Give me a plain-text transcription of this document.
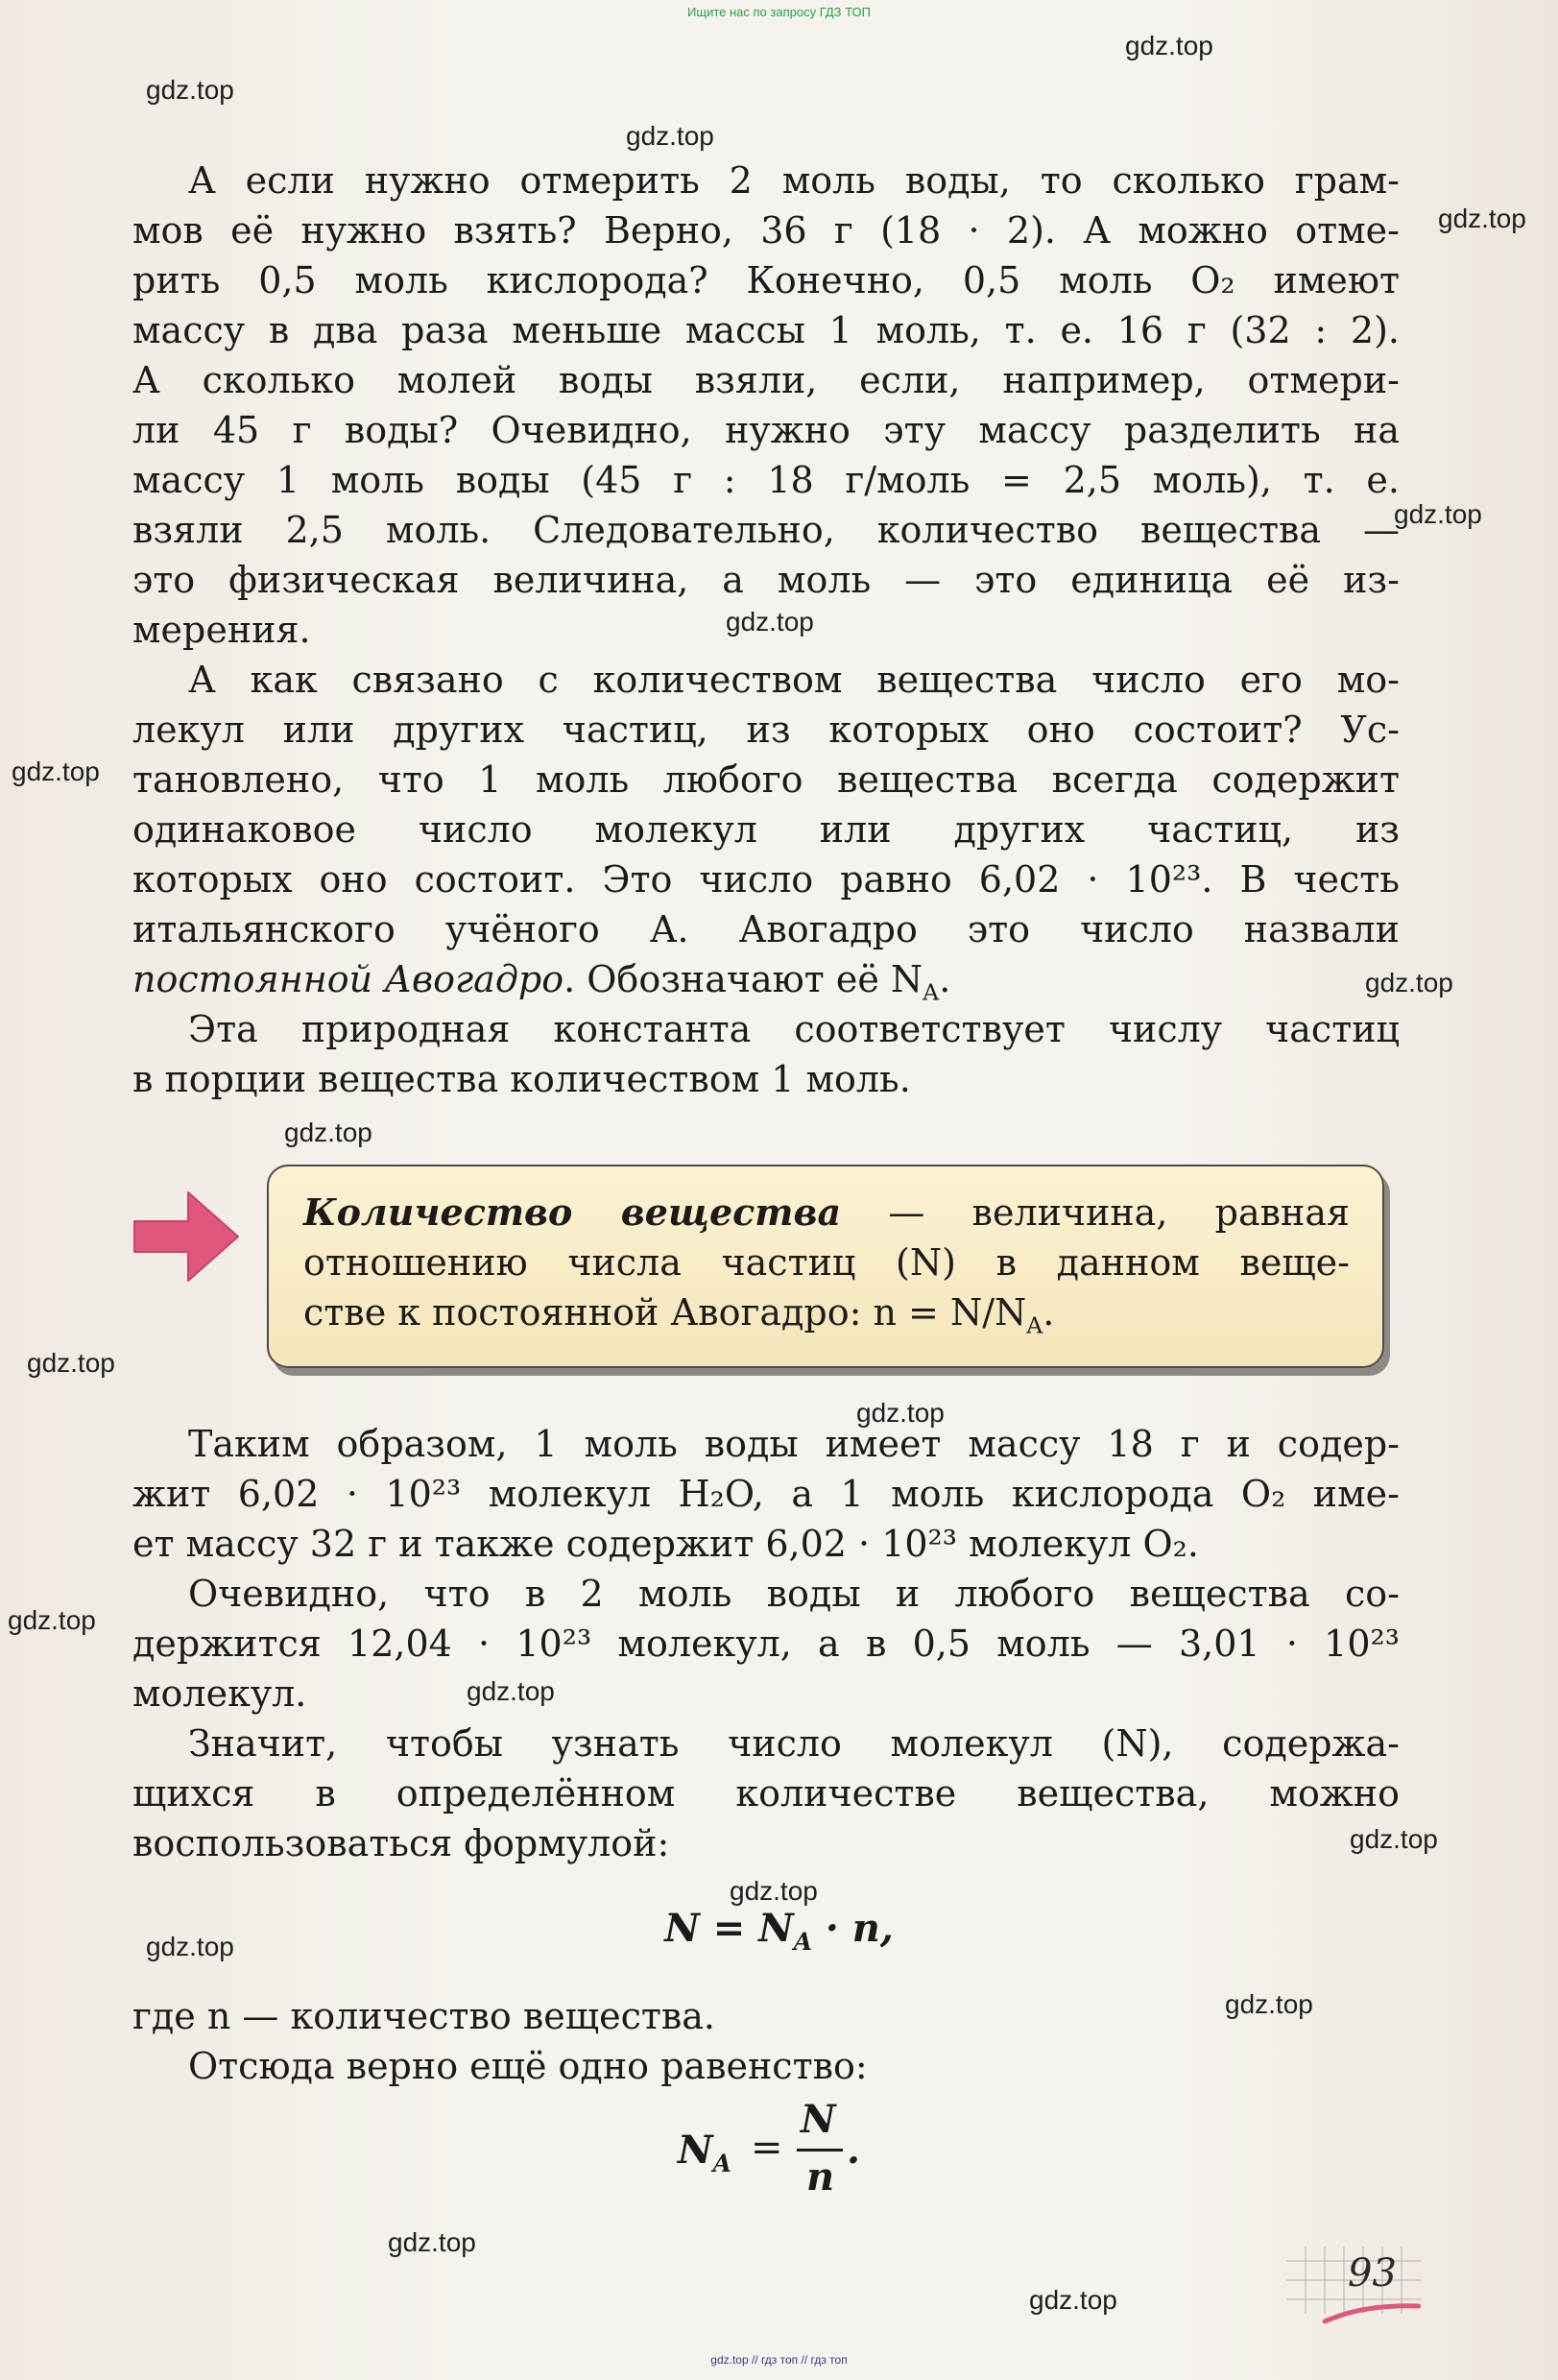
Ищите нас по запросу ГДЗ ТОП
А если нужно отмерить 2 моль воды, то сколько грам-
мов её нужно взять? Верно, 36 г (18 · 2). А можно отме-
рить 0,5 моль кислорода? Конечно, 0,5 моль O₂ имеют
массу в два раза меньше массы 1 моль, т. е. 16 г (32 : 2).
А сколько молей воды взяли, если, например, отмери-
ли 45 г воды? Очевидно, нужно эту массу разделить на
массу 1 моль воды (45 г : 18 г/моль = 2,5 моль), т. е.
взяли 2,5 моль. Следовательно, количество вещества —
это физическая величина, а моль — это единица её из-
мерения.
А как связано с количеством вещества число его мо-
лекул или других частиц, из которых оно состоит? Ус-
тановлено, что 1 моль любого вещества всегда содержит
одинаковое число молекул или других частиц, из
которых оно состоит. Это число равно 6,02 · 10²³. В честь
итальянского учёного А. Авогадро это число назвали
постоянной Авогадро. Обозначают её $N_A$.
Эта природная константа соответствует числу частиц
в порции вещества количеством 1 моль.
Количество вещества — величина, равная
отношению числа частиц (N) в данном веще-
стве к постоянной Авогадро: $n = N/N_A$.
Таким образом, 1 моль воды имеет массу 18 г и содер-
жит 6,02 · 10²³ молекул H₂O, а 1 моль кислорода O₂ име-
ет массу 32 г и также содержит 6,02 · 10²³ молекул O₂.
Очевидно, что в 2 моль воды и любого вещества со-
держится 12,04 · 10²³ молекул, а в 0,5 моль — 3,01 · 10²³
молекул.
Значит, чтобы узнать число молекул (N), содержа-
щихся в определённом количестве вещества, можно
воспользоваться формулой:
$N = N_A \cdot n$,
где n — количество вещества.
Отсюда верно ещё одно равенство:
$N_A$ =
N
n
.
93
gdz.top
gdz.top
gdz.top
gdz.top
gdz.top
gdz.top
gdz.top
gdz.top
gdz.top
gdz.top
gdz.top
gdz.top
gdz.top
gdz.top
gdz.top
gdz.top
gdz.top
gdz.top
gdz.top
gdz.top // гдз топ // гдз топ
